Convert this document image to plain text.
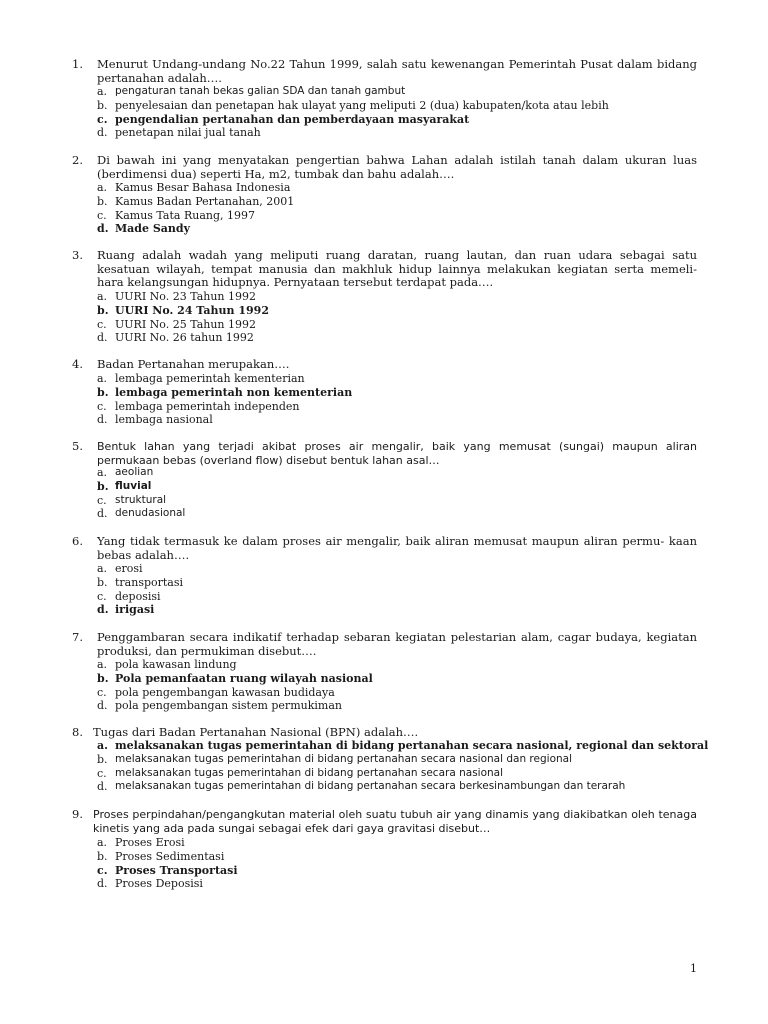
1. Menurut Undang-undang No.22 Tahun 1999, salah satu kewenangan Pemerintah Pusat dalam bidang pertanahan adalah….

a. pengaturan tanah bekas galian SDA dan tanah gambut
b. penyelesaian dan penetapan hak ulayat yang meliputi 2 (dua) kabupaten/kota atau lebih
c. pengendalian pertanahan dan pemberdayaan masyarakat
d. penetapan nilai jual tanah
2. Di bawah ini yang menyatakan pengertian bahwa Lahan adalah istilah tanah dalam ukuran luas (berdimensi dua) seperti Ha, m2, tumbak dan bahu adalah….

a. Kamus Besar Bahasa Indonesia
b. Kamus Badan Pertanahan, 2001
c. Kamus Tata Ruang, 1997
d. Made Sandy
3. Ruang adalah wadah yang meliputi ruang daratan, ruang lautan, dan ruan udara sebagai satu kesatuan wilayah, tempat manusia dan makhluk hidup lainnya melakukan kegiatan serta memeli- hara kelangsungan hidupnya. Pernyataan tersebut terdapat pada….

a. UURI No. 23 Tahun 1992
b. UURI No. 24 Tahun 1992
c. UURI No. 25 Tahun 1992
d. UURI No. 26 tahun 1992
4. Badan Pertanahan merupakan….

a. lembaga pemerintah kementerian
b. lembaga pemerintah non kementerian
c. lembaga pemerintah independen
d. lembaga nasional
5. Bentuk lahan yang terjadi akibat proses air mengalir, baik yang memusat (sungai) maupun aliran permukaan bebas (overland flow) disebut bentuk lahan asal…

a. aeolian
b. fluvial
c. struktural
d. denudasional
6. Yang tidak termasuk ke dalam proses air mengalir, baik aliran memusat maupun aliran permu- kaan bebas adalah….

a. erosi
b. transportasi
c. deposisi
d. irigasi
7. Penggambaran secara indikatif terhadap sebaran kegiatan pelestarian alam, cagar budaya, kegiatan produksi, dan permukiman disebut….

a. pola kawasan lindung
b. Pola pemanfaatan ruang wilayah nasional
c. pola pengembangan kawasan budidaya
d. pola pengembangan sistem permukiman
8. Tugas dari Badan Pertanahan Nasional (BPN) adalah….

a. melaksanakan tugas pemerintahan di bidang pertanahan secara nasional, regional dan sektoral
b. melaksanakan tugas pemerintahan di bidang pertanahan secara nasional dan regional
c. melaksanakan tugas pemerintahan di bidang pertanahan secara nasional
d. melaksanakan tugas pemerintahan di bidang pertanahan secara berkesinambungan dan terarah
9. Proses perpindahan/pengangkutan material oleh suatu tubuh air yang dinamis yang diakibatkan oleh tenaga kinetis yang ada pada sungai sebagai efek dari gaya gravitasi disebut…

a. Proses Erosi
b. Proses Sedimentasi
c. Proses Transportasi
d. Proses Deposisi
1
